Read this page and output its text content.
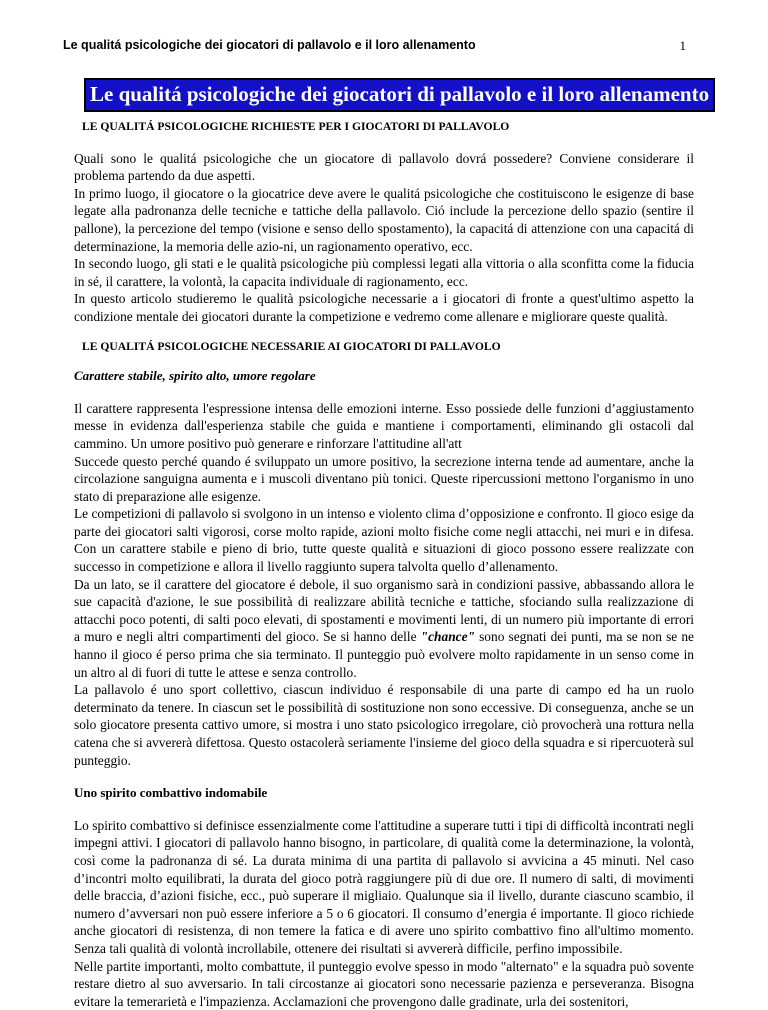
Le qualitá psicologiche dei giocatori di pallavolo e il loro allenamento	1
Le qualitá psicologiche dei giocatori di pallavolo e il loro allenamento
LE QUALITÁ PSICOLOGICHE RICHIESTE PER I GIOCATORI DI PALLAVOLO

Quali sono le qualitá psicologiche che un giocatore di pallavolo dovrá possedere? Conviene considerare il problema partendo da due aspetti.

In primo luogo, il giocatore o la giocatrice deve avere le qualitá psicologiche che costituiscono le esigenze di base legate alla padronanza delle tecniche e tattiche della pallavolo. Ció include la percezione dello spazio (sentire il pallone), la percezione del tempo (visione e senso dello spostamento), la capacitá di attenzione con una capacitá di determinazione, la memoria delle azio-ni, un ragionamento operativo, ecc.

In secondo luogo, gli stati e le qualità psicologiche più complessi legati alla vittoria o alla sconfitta come la fiducia in sé, il carattere, la volontà, la capacita individuale di ragionamento, ecc.

In questo articolo studieremo le qualità psicologiche necessarie a i giocatori di fronte a quest'ultimo aspetto la condizione mentale dei giocatori durante la competizione e vedremo come allenare e migliorare queste qualità.

LE QUALITÁ PSICOLOGICHE NECESSARIE AI GIOCATORI DI PALLAVOLO
Carattere stabile, spirito alto, umore regolare

Il carattere rappresenta l'espressione intensa delle emozioni interne. Esso possiede delle funzioni d’aggiustamento messe in evidenza dall'esperienza stabile che guida e mantiene i comportamenti, eliminando gli ostacoli dal cammino. Un umore positivo può generare e rinforzare l'attitudine all'att

Succede questo perché quando é sviluppato un umore positivo, la secrezione interna tende ad aumentare, anche la circolazione sanguigna aumenta e i muscoli diventano più tonici. Queste ripercussioni mettono l'organismo in uno stato di preparazione alle esigenze.

Le competizioni di pallavolo si svolgono in un intenso e violento clima d’opposizione e confronto. Il gioco esige da parte dei giocatori salti vigorosi, corse molto rapide, azioni molto fisiche come negli attacchi, nei muri e in difesa. Con un carattere stabile e pieno di brio, tutte queste qualità e situazioni di gioco possono essere realizzate con successo in competizione e allora il livello raggiunto supera talvolta quello d’allenamento.

Da un lato, se il carattere del giocatore é debole, il suo organismo sarà in condizioni passive, abbassando allora le sue capacità d'azione, le sue possibilità di realizzare abilità tecniche e tattiche, sfociando sulla realizzazione di attacchi poco potenti, di salti poco elevati, di spostamenti e movimenti lenti, di un numero più importante di errori a muro e negli altri compartimenti del gioco. Se si hanno delle "chance" sono segnati dei punti, ma se non se ne hanno il gioco é perso prima che sia terminato. Il punteggio può evolvere molto rapidamente in un senso come in un altro al di fuori di tutte le attese e senza controllo.

La pallavolo é uno sport collettivo, ciascun individuo é responsabile di una parte di campo ed ha un ruolo determinato da tenere. In ciascun set le possibilità di sostituzione non sono eccessive. Di conseguenza, anche se un solo giocatore presenta cattivo umore, si mostra i uno stato psicologico irregolare, ciò provocherà una rottura nella catena che si avvererà difettosa. Questo ostacolerà seriamente l'insieme del gioco della squadra e si ripercuoterà sul punteggio.

Uno spirito combattivo indomabile

Lo spirito combattivo si definisce essenzialmente come l'attitudine a superare tutti i tipi di difficoltà incontrati negli impegni attivi. I giocatori di pallavolo hanno bisogno, in particolare, di qualità come la determinazione, la volontà, così come la padronanza di sé. La durata minima di una partita di pallavolo si avvicina a 45 minuti. Nel caso d’incontri molto equilibrati, la durata del gioco potrà raggiungere più di due ore. Il numero di salti, di movimenti delle braccia, d’azioni fisiche, ecc., può superare il migliaio. Qualunque sia il livello, durante ciascuno scambio, il numero d’avversari non può essere inferiore a 5 o 6 giocatori. Il consumo d’energia é importante. Il gioco richiede anche giocatori di resistenza, di non temere la fatica e di avere uno spirito combattivo fino all'ultimo momento. Senza tali qualità di volontà incrollabile, ottenere dei risultati si avvererà difficile, perfino impossibile.

Nelle partite importanti, molto combattute, il punteggio evolve spesso in modo "alternato" e la squadra può sovente restare dietro al suo avversario. In tali circostanze ai giocatori sono necessarie pazienza e perseveranza. Bisogna evitare la temerarietà e l'impazienza. Acclamazioni che provengono dalle gradinate, urla dei sostenitori,
